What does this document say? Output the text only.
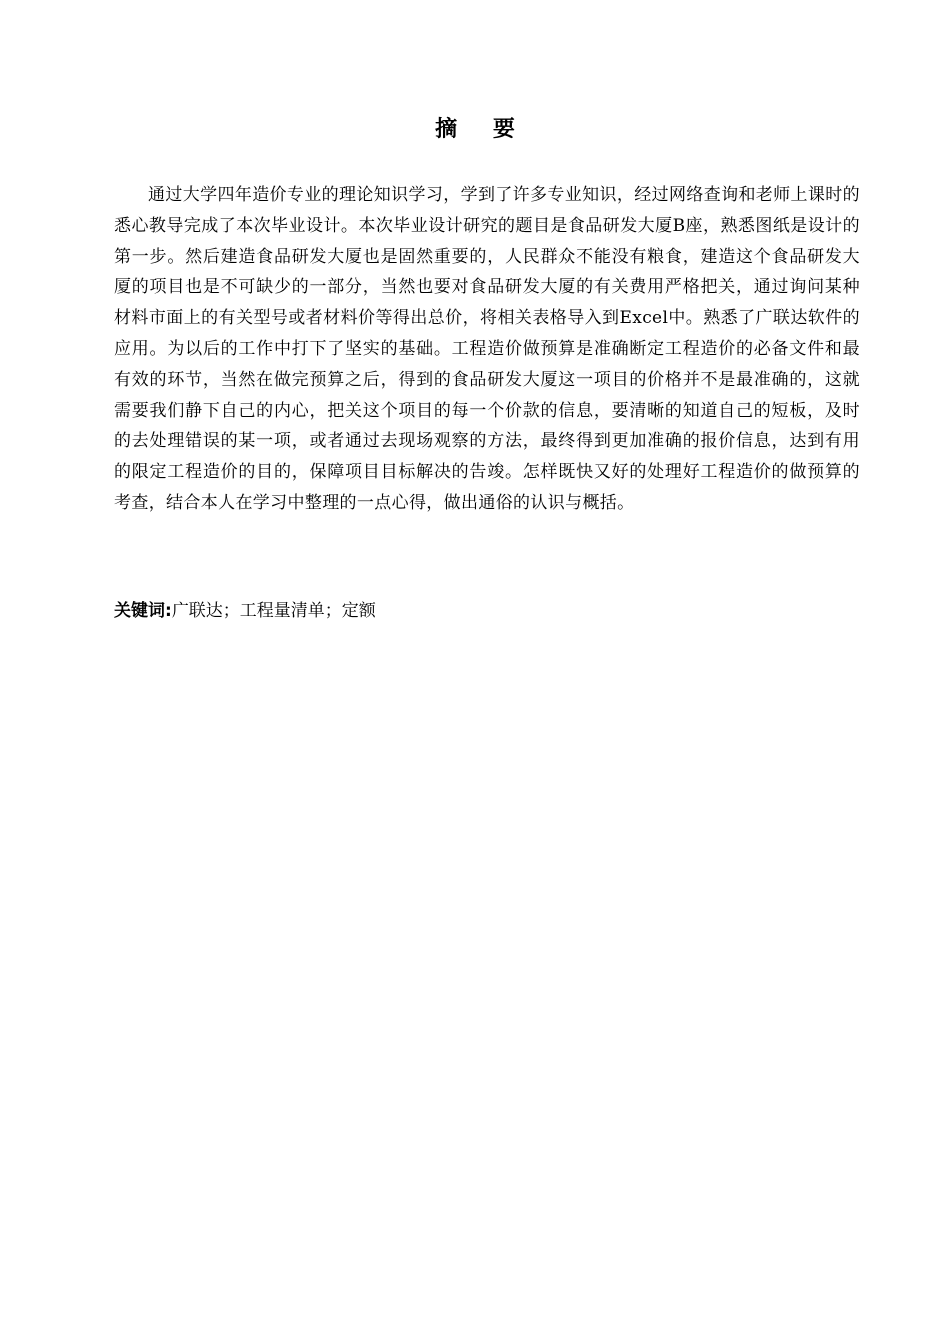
摘 要

通过大学四年造价专业的理论知识学习，学到了许多专业知识，经过网络查询和老师上课时的悉心教导完成了本次毕业设计。本次毕业设计研究的题目是食品研发大厦B座，熟悉图纸是设计的第一步。然后建造食品研发大厦也是固然重要的，人民群众不能没有粮食，建造这个食品研发大厦的项目也是不可缺少的一部分，当然也要对食品研发大厦的有关费用严格把关，通过询问某种材料市面上的有关型号或者材料价等得出总价，将相关表格导入到Excel中。熟悉了广联达软件的应用。为以后的工作中打下了坚实的基础。工程造价做预算是准确断定工程造价的必备文件和最有效的环节，当然在做完预算之后，得到的食品研发大厦这一项目的价格并不是最准确的，这就需要我们静下自己的内心，把关这个项目的每一个价款的信息，要清晰的知道自己的短板，及时的去处理错误的某一项，或者通过去现场观察的方法，最终得到更加准确的报价信息，达到有用的限定工程造价的目的，保障项目目标解决的告竣。怎样既快又好的处理好工程造价的做预算的考查，结合本人在学习中整理的一点心得，做出通俗的认识与概括。

关键词:广联达；工程量清单；定额
